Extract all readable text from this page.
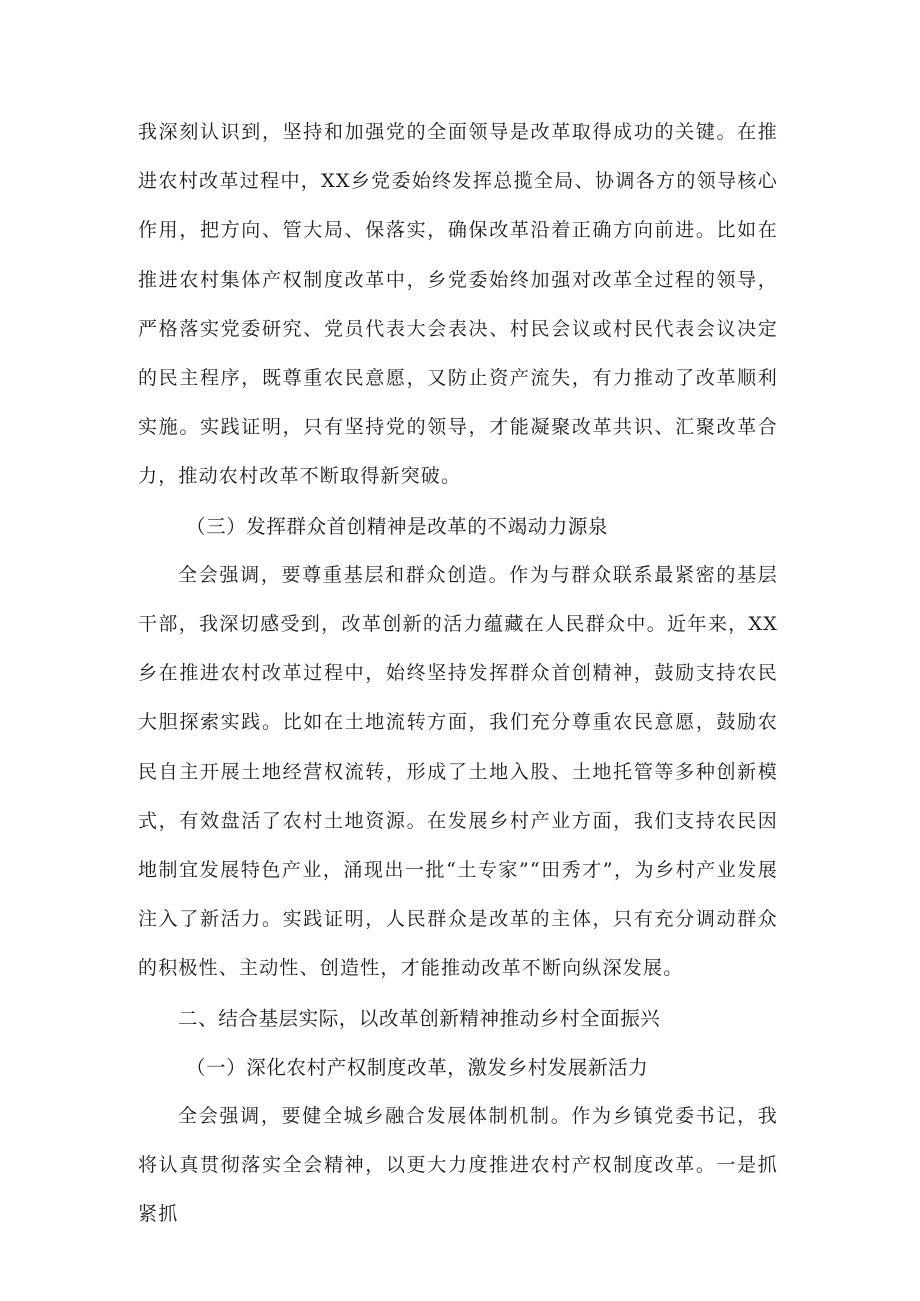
我深刻认识到，坚持和加强党的全面领导是改革取得成功的关键。在推进农村改革过程中，XX乡党委始终发挥总揽全局、协调各方的领导核心作用，把方向、管大局、保落实，确保改革沿着正确方向前进。比如在推进农村集体产权制度改革中，乡党委始终加强对改革全过程的领导，严格落实党委研究、党员代表大会表决、村民会议或村民代表会议决定的民主程序，既尊重农民意愿，又防止资产流失，有力推动了改革顺利实施。实践证明，只有坚持党的领导，才能凝聚改革共识、汇聚改革合力，推动农村改革不断取得新突破。

（三）发挥群众首创精神是改革的不竭动力源泉

全会强调，要尊重基层和群众创造。作为与群众联系最紧密的基层干部，我深切感受到，改革创新的活力蕴藏在人民群众中。近年来，XX乡在推进农村改革过程中，始终坚持发挥群众首创精神，鼓励支持农民大胆探索实践。比如在土地流转方面，我们充分尊重农民意愿，鼓励农民自主开展土地经营权流转，形成了土地入股、土地托管等多种创新模式，有效盘活了农村土地资源。在发展乡村产业方面，我们支持农民因地制宜发展特色产业，涌现出一批“土专家”“田秀才”，为乡村产业发展注入了新活力。实践证明，人民群众是改革的主体，只有充分调动群众的积极性、主动性、创造性，才能推动改革不断向纵深发展。

二、结合基层实际，以改革创新精神推动乡村全面振兴

（一）深化农村产权制度改革，激发乡村发展新活力

全会强调，要健全城乡融合发展体制机制。作为乡镇党委书记，我将认真贯彻落实全会精神，以更大力度推进农村产权制度改革。一是抓紧抓
